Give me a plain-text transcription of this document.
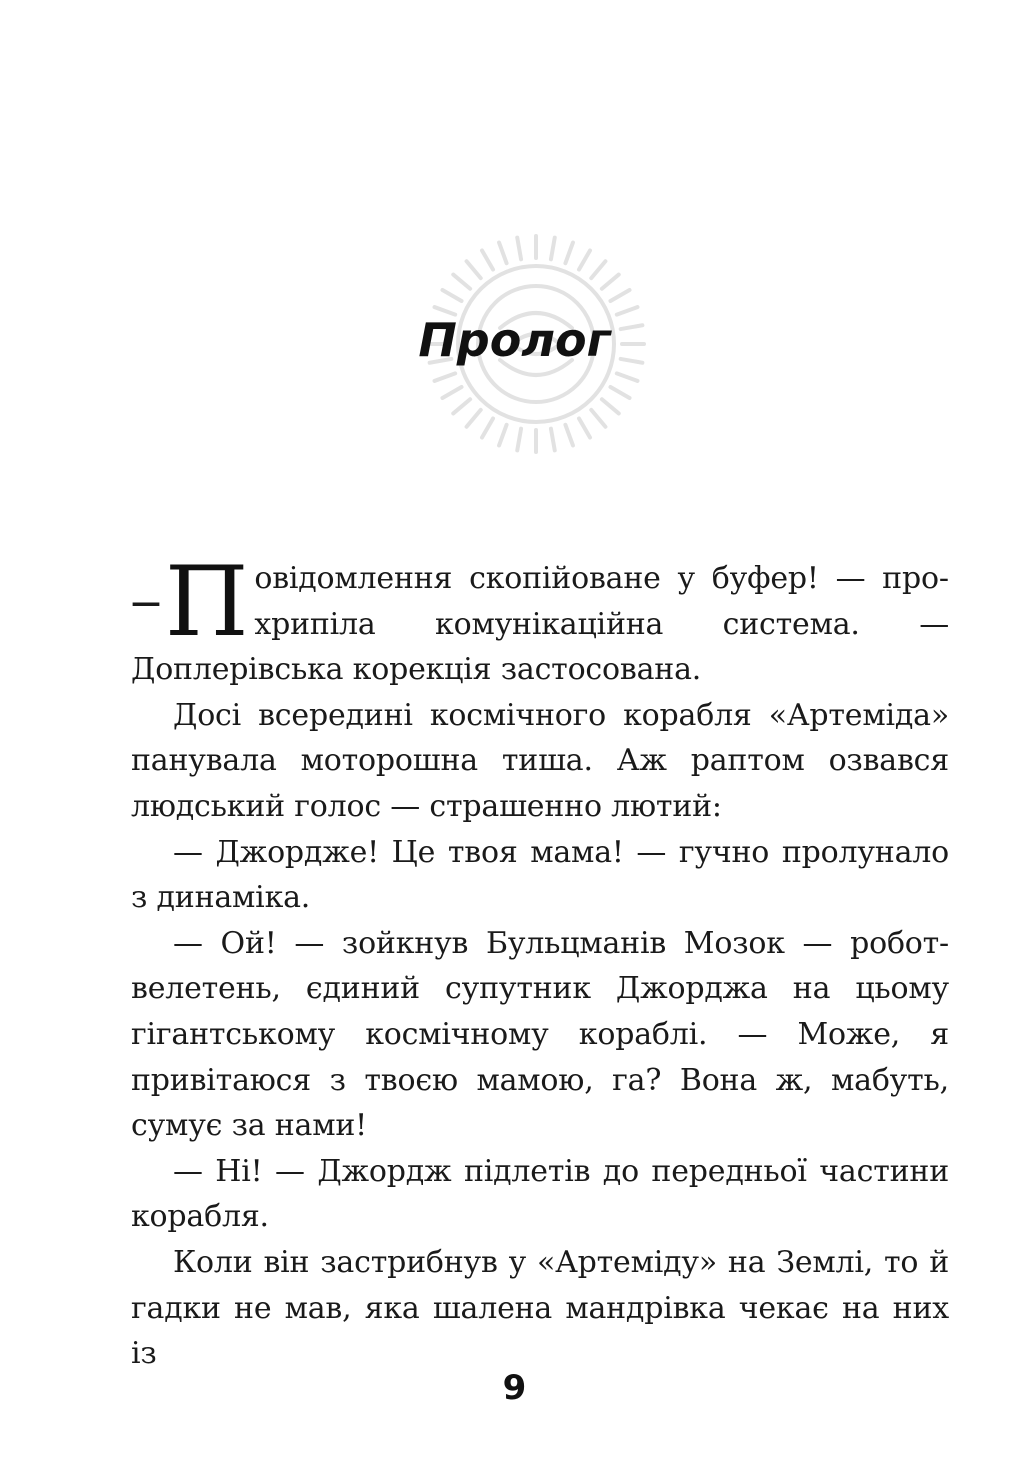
Пролог

— П овідомлення скопійоване у буфер! — прохрипіла комунікаційна система. — Доплерівська корекція застосована.

Досі всередині космічного корабля «Артеміда» панувала моторошна тиша. Аж раптом озвався людський голос — страшенно лютий:

— Джордже! Це твоя мама! — гучно пролунало з динаміка.

— Ой! — зойкнув Бульцманів Мозок — робот-велетень, єдиний супутник Джорджа на цьому гігантському космічному кораблі. — Може, я привітаюся з твоєю мамою, га? Вона ж, мабуть, сумує за нами!

— Ні! — Джордж підлетів до передньої частини корабля.

Коли він застрибнув у «Артеміду» на Землі, то й гадки не мав, яка шалена мандрівка чекає на них із

9
